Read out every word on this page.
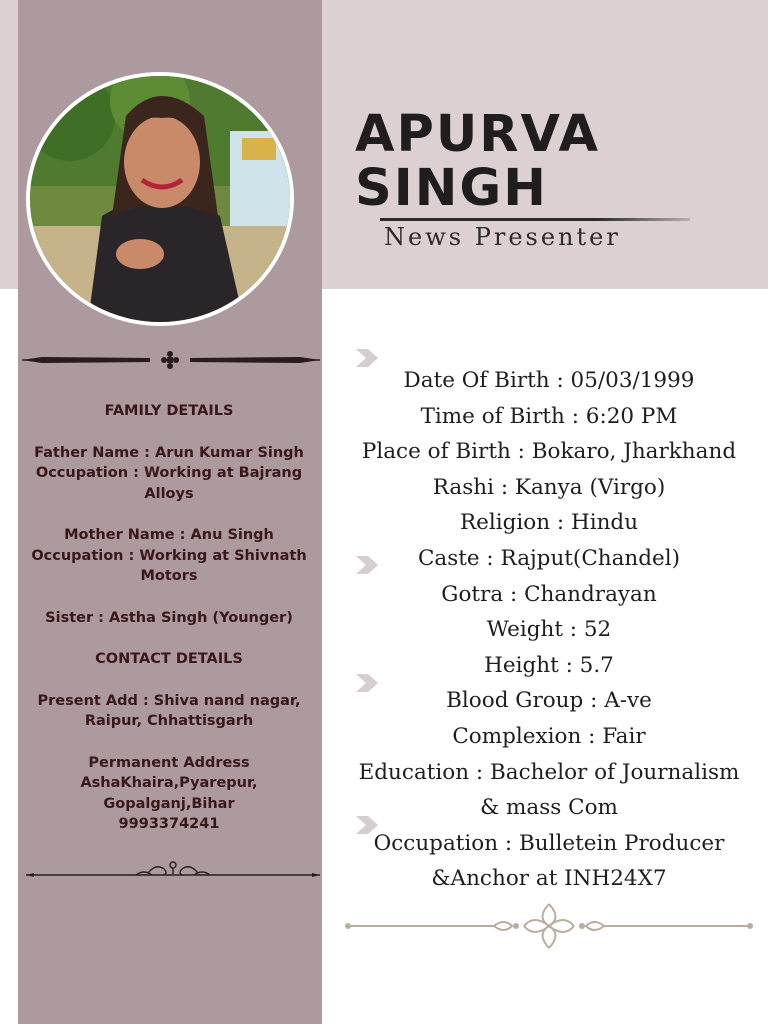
APURVA
SINGH
News Presenter
FAMILY DETAILS
Father Name : Arun Kumar Singh
Occupation : Working at Bajrang Alloys
Mother Name : Anu Singh
Occupation : Working at Shivnath Motors
Sister : Astha Singh (Younger)
CONTACT DETAILS
Present Add : Shiva nand nagar, Raipur, Chhattisgarh
Permanent Address
AshaKhaira,Pyarepur,
Gopalganj,Bihar
9993374241
Date Of Birth : 05/03/1999
Time of Birth : 6:20 PM
Place of Birth : Bokaro, Jharkhand
Rashi : Kanya (Virgo)
Religion : Hindu
Caste : Rajput(Chandel)
Gotra : Chandrayan
Weight : 52
Height : 5.7
Blood Group : A-ve
Complexion : Fair
Education : Bachelor of Journalism
& mass Com
Occupation : Bulletein Producer
&Anchor at INH24X7
